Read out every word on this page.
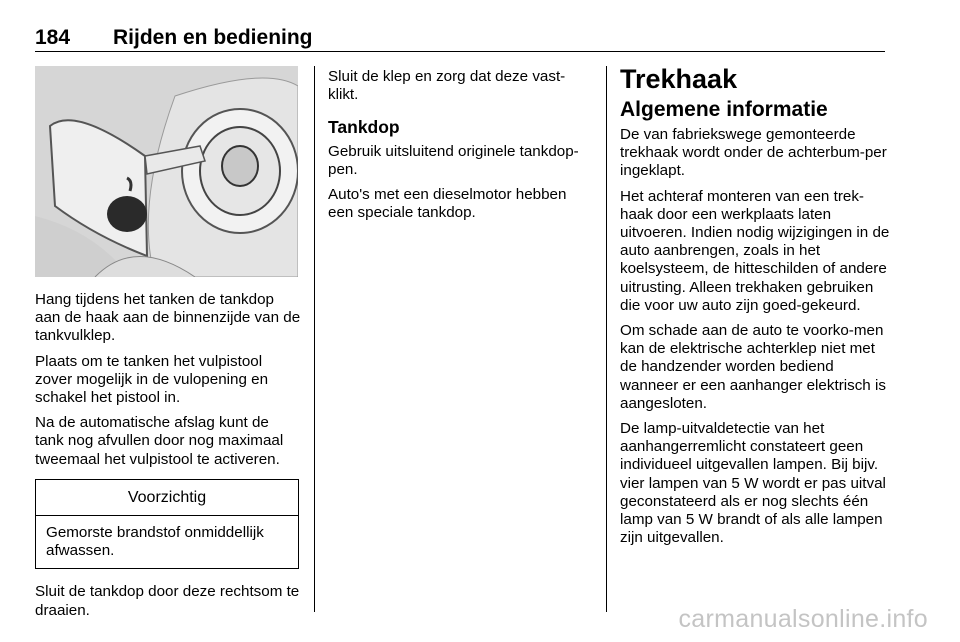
184 Rijden en bediening

Hang tijdens het tanken de tankdop aan de haak aan de binnenzijde van de tankvulklep.

Plaats om te tanken het vulpistool zover mogelijk in de vulopening en schakel het pistool in.

Na de automatische afslag kunt de tank nog afvullen door nog maximaal tweemaal het vulpistool te activeren.

Voorzichtig
Gemorste brandstof onmiddellijk afwassen.

Sluit de tankdop door deze rechtsom te draaien.

Sluit de klep en zorg dat deze vast-klikt.

Tankdop

Gebruik uitsluitend originele tankdop-pen.

Auto's met een dieselmotor hebben een speciale tankdop.

Trekhaak
Algemene informatie

De van fabriekswege gemonteerde trekhaak wordt onder de achterbum-per ingeklapt.

Het achteraf monteren van een trek-haak door een werkplaats laten uitvoeren. Indien nodig wijzigingen in de auto aanbrengen, zoals in het koelsysteem, de hitteschilden of andere uitrusting. Alleen trekhaken gebruiken die voor uw auto zijn goed-gekeurd.

Om schade aan de auto te voorko-men kan de elektrische achterklep niet met de handzender worden bediend wanneer er een aanhanger elektrisch is aangesloten.

De lamp-uitvaldetectie van het aanhangerremlicht constateert geen individueel uitgevallen lampen. Bij bijv. vier lampen van 5 W wordt er pas uitval geconstateerd als er nog slechts één lamp van 5 W brandt of als alle lampen zijn uitgevallen.

carmanualsonline.info
